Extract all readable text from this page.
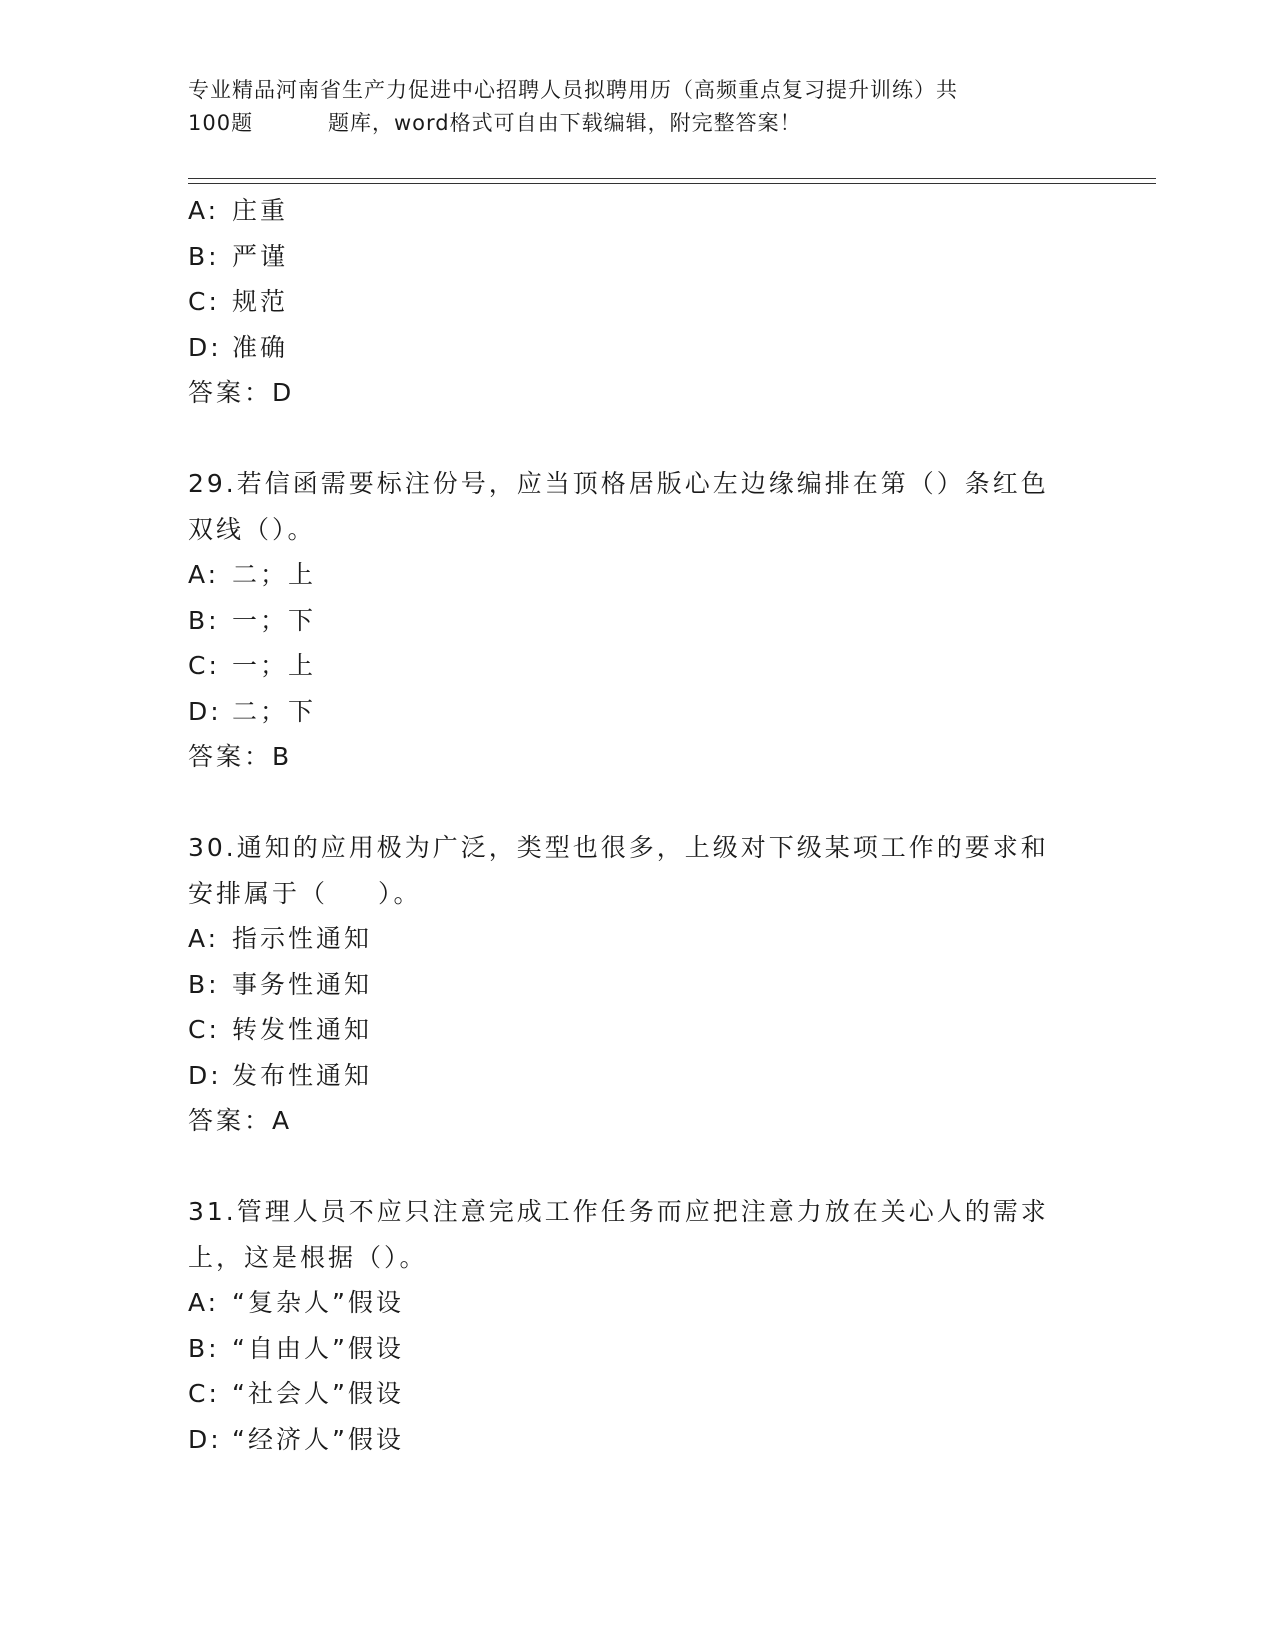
专业精品河南省生产力促进中心招聘人员拟聘用历（高频重点复习提升训练）共
100题	题库，word格式可自由下载编辑，附完整答案！
A: 庄重
B: 严谨
C: 规范
D: 准确
答案：D
29.若信函需要标注份号，应当顶格居版心左边缘编排在第（）条红色
双线（）。
A: 二；上
B: 一；下
C: 一；上
D: 二；下
答案：B
30.通知的应用极为广泛，类型也很多，上级对下级某项工作的要求和
安排属于（ ）。
A: 指示性通知
B: 事务性通知
C: 转发性通知
D: 发布性通知
答案：A
31.管理人员不应只注意完成工作任务而应把注意力放在关心人的需求
上，这是根据（）。
A: “复杂人”假设
B: “自由人”假设
C: “社会人”假设
D: “经济人”假设
